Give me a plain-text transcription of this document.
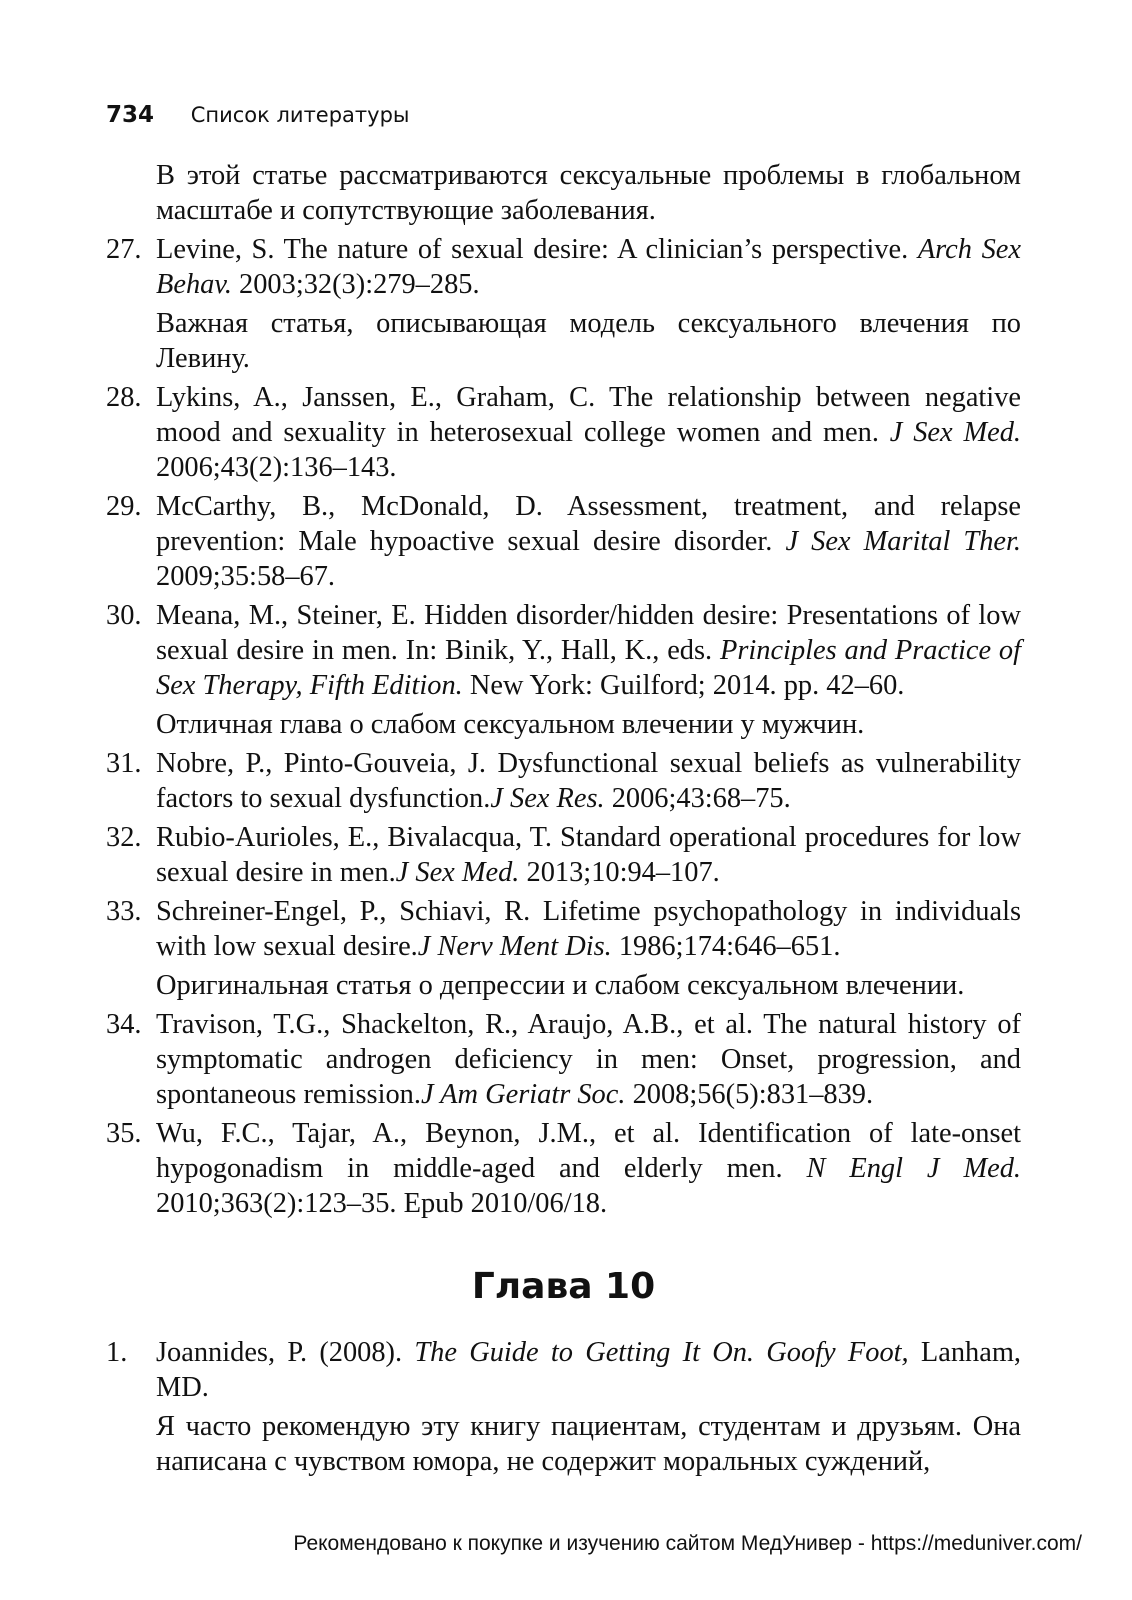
734 Список литературы

В этой статье рассматриваются сексуальные проблемы в глобальном масштабе и сопутствующие заболевания.

27. Levine, S. The nature of sexual desire: A clinician’s perspective. Arch Sex Behav. 2003;32(3):279–285.

Важная статья, описывающая модель сексуального влечения по Левину.

28. Lykins, A., Janssen, E., Graham, C. The relationship between negative mood and sexuality in heterosexual college women and men. J Sex Med. 2006;43(2):136–143.
29. McCarthy, B., McDonald, D. Assessment, treatment, and relapse prevention: Male hypoactive sexual desire disorder. J Sex Marital Ther. 2009;35:58–67.
30. Meana, M., Steiner, E. Hidden disorder/hidden desire: Presentations of low sexual desire in men. In: Binik, Y., Hall, K., eds. Principles and Practice of Sex Therapy, Fifth Edition. New York: Guilford; 2014. pp. 42–60.

Отличная глава о слабом сексуальном влечении у мужчин.

31. Nobre, P., Pinto-Gouveia, J. Dysfunctional sexual beliefs as vulnerability factors to sexual dysfunction.J Sex Res. 2006;43:68–75.
32. Rubio-Aurioles, E., Bivalacqua, T. Standard operational procedures for low sexual desire in men.J Sex Med. 2013;10:94–107.
33. Schreiner-Engel, P., Schiavi, R. Lifetime psychopathology in individuals with low sexual desire.J Nerv Ment Dis. 1986;174:646–651.

Оригинальная статья о депрессии и слабом сексуальном влечении.

34. Travison, T.G., Shackelton, R., Araujo, A.B., et al. The natural history of symptomatic androgen deficiency in men: Onset, progression, and spontaneous remission.J Am Geriatr Soc. 2008;56(5):831–839.
35. Wu, F.C., Tajar, A., Beynon, J.M., et al. Identification of late-onset hypogonadism in middle-aged and elderly men. N Engl J Med. 2010;363(2):123–35. Epub 2010/06/18.
Глава 10
1.	Joannides, P. (2008). The Guide to Getting It On. Goofy Foot, Lanham, MD.

Я часто рекомендую эту книгу пациентам, студентам и друзьям. Она написана с чувством юмора, не содержит моральных суждений,

Рекомендовано к покупке и изучению сайтом МедУнивер - https://meduniver.com/
